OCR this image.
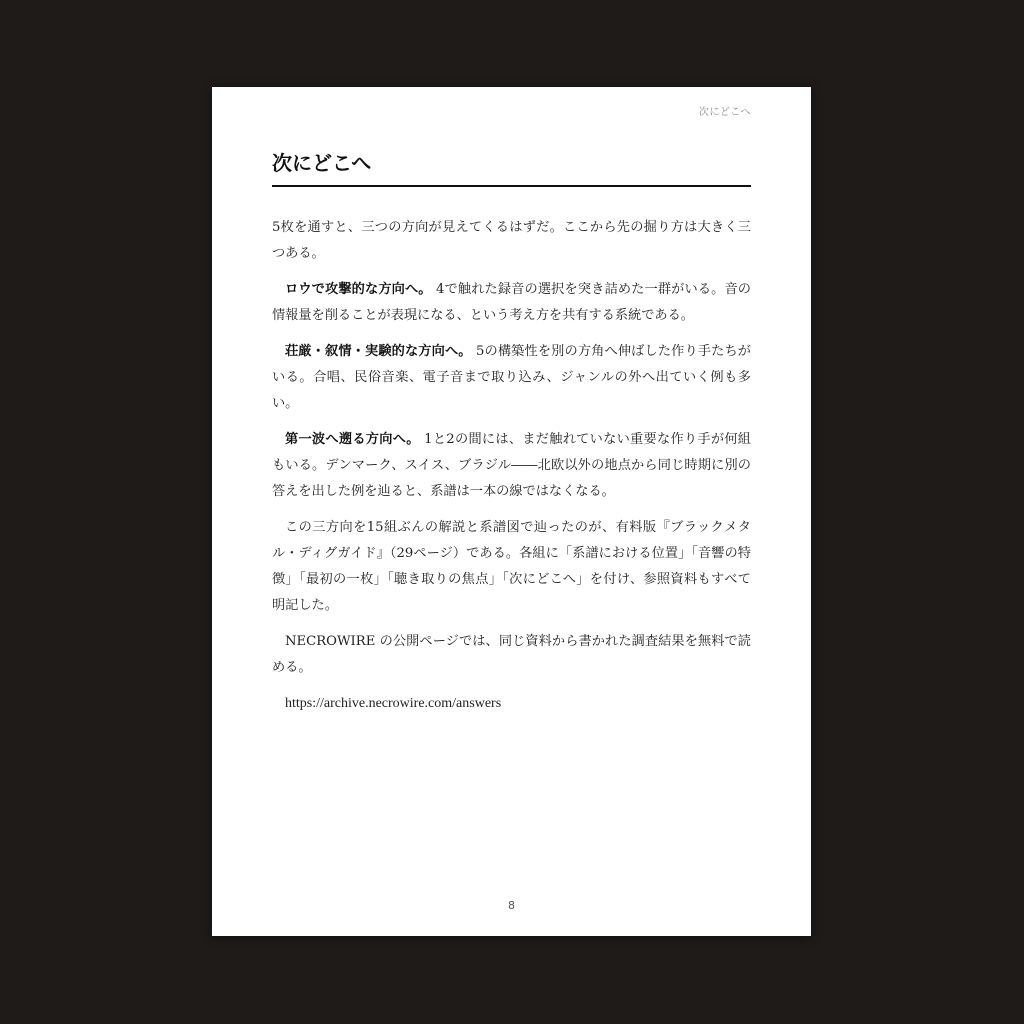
次にどこへ
次にどこへ

5枚を通すと、三つの方向が見えてくるはずだ。ここから先の掘り方は大きく三つある。

ロウで攻撃的な方向へ。 4で触れた録音の選択を突き詰めた一群がいる。音の情報量を削ることが表現になる、という考え方を共有する系統である。

荘厳・叙情・実験的な方向へ。 5の構築性を別の方角へ伸ばした作り手たちがいる。合唱、民俗音楽、電子音まで取り込み、ジャンルの外へ出ていく例も多い。

第一波へ遡る方向へ。 1と2の間には、まだ触れていない重要な作り手が何組もいる。デンマーク、スイス、ブラジル――北欧以外の地点から同じ時期に別の答えを出した例を辿ると、系譜は一本の線ではなくなる。

この三方向を15組ぶんの解説と系譜図で辿ったのが、有料版『ブラックメタル・ディグガイド』（29ページ）である。各組に「系譜における位置」「音響の特徴」「最初の一枚」「聴き取りの焦点」「次にどこへ」を付け、参照資料もすべて明記した。

NECROWIRE の公開ページでは、同じ資料から書かれた調査結果を無料で読める。

https://archive.necrowire.com/answers

8
